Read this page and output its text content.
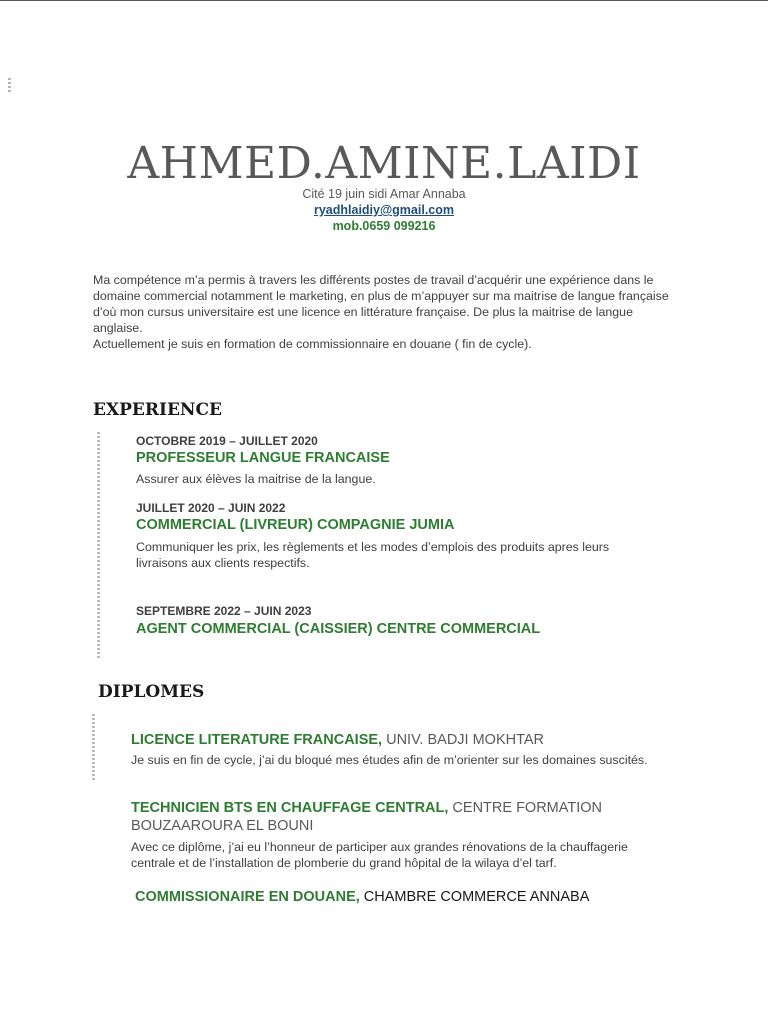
AHMED.AMINE.LAIDI
Cité 19 juin sidi Amar Annaba
ryadhlaidiy@gmail.com
mob.0659 099216

Ma compétence m’a permis à travers les différents postes de travail d’acquérir une expérience dans le domaine commercial notamment le marketing, en plus de m’appuyer sur ma maitrise de langue française d’où mon cursus universitaire est une licence en littérature française. De plus la maitrise de langue anglaise.

Actuellement je suis en formation de commissionnaire en douane ( fin de cycle).

EXPERIENCE
OCTOBRE 2019 – JUILLET 2020
PROFESSEUR LANGUE FRANCAISE
Assurer aux élèves la maitrise de la langue.
JUILLET 2020 – JUIN 2022
COMMERCIAL (LIVREUR) COMPAGNIE JUMIA
Communiquer les prix, les règlements et les modes d’emplois des produits apres leurs livraisons aux clients respectifs.
SEPTEMBRE 2022 – JUIN 2023
AGENT COMMERCIAL (CAISSIER) CENTRE COMMERCIAL
DIPLOMES
LICENCE LITERATURE FRANCAISE, UNIV. BADJI MOKHTAR
Je suis en fin de cycle, j’ai du bloqué mes études afin de m’orienter sur les domaines suscités.
TECHNICIEN BTS EN CHAUFFAGE CENTRAL, CENTRE FORMATION
BOUZAAROURA EL BOUNI
Avec ce diplôme, j’ai eu l’honneur de participer aux grandes rénovations de la chauffagerie centrale et de l’installation de plomberie du grand hôpital de la wilaya d’el tarf.
COMMISSIONAIRE EN DOUANE, CHAMBRE COMMERCE ANNABA
